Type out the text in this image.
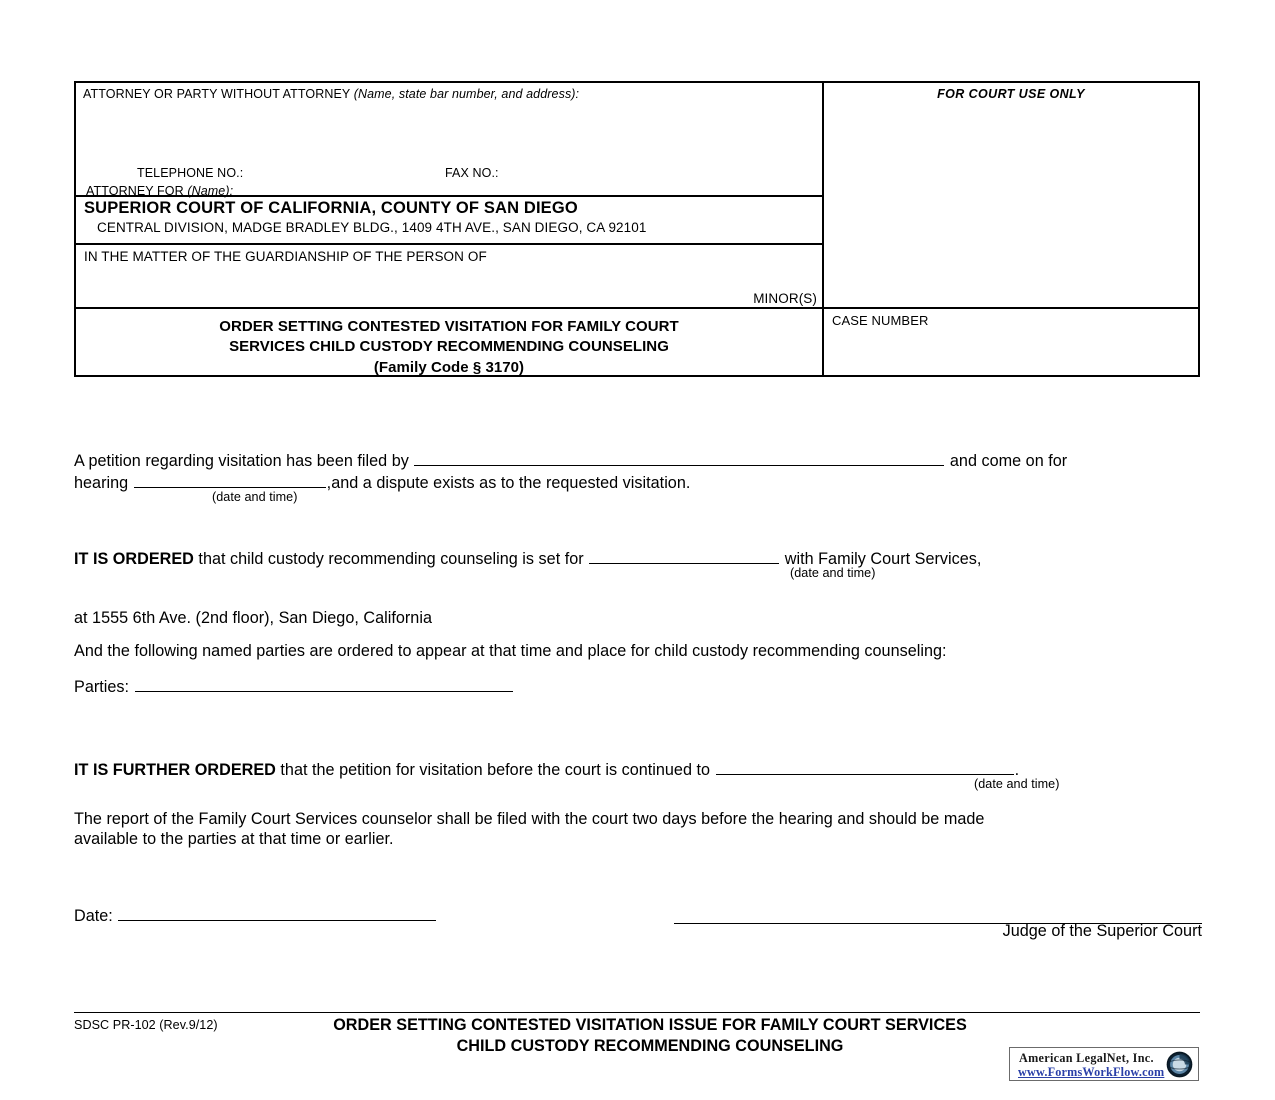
ATTORNEY OR PARTY WITHOUT ATTORNEY (Name, state bar number, and address):
TELEPHONE NO.:	FAX NO.:
ATTORNEY FOR (Name):
FOR COURT USE ONLY
SUPERIOR COURT OF CALIFORNIA, COUNTY OF SAN DIEGO
CENTRAL DIVISION, MADGE BRADLEY BLDG., 1409 4TH AVE., SAN DIEGO, CA 92101
IN THE MATTER OF THE GUARDIANSHIP OF THE PERSON OF
MINOR(S)
ORDER SETTING CONTESTED VISITATION FOR FAMILY COURT
SERVICES CHILD CUSTODY RECOMMENDING COUNSELING
(Family Code § 3170)
CASE NUMBER
A petition regarding visitation has been filed by	and come on for
hearing	,and a dispute exists as to the requested visitation.
(date and time)
IT IS ORDERED that child custody recommending counseling is set for	with Family Court Services,
(date and time)
at 1555 6th Ave. (2nd floor), San Diego, California
And the following named parties are ordered to appear at that time and place for child custody recommending counseling:
Parties:
IT IS FURTHER ORDERED that the petition for visitation before the court is continued to	.
(date and time)
The report of the Family Court Services counselor shall be filed with the court two days before the hearing and should be made
available to the parties at that time or earlier.
Date:
Judge of the Superior Court
SDSC PR-102 (Rev.9/12)	ORDER SETTING CONTESTED VISITATION ISSUE FOR FAMILY COURT SERVICES
CHILD CUSTODY RECOMMENDING COUNSELING
American LegalNet, Inc.
www.FormsWorkFlow.com
